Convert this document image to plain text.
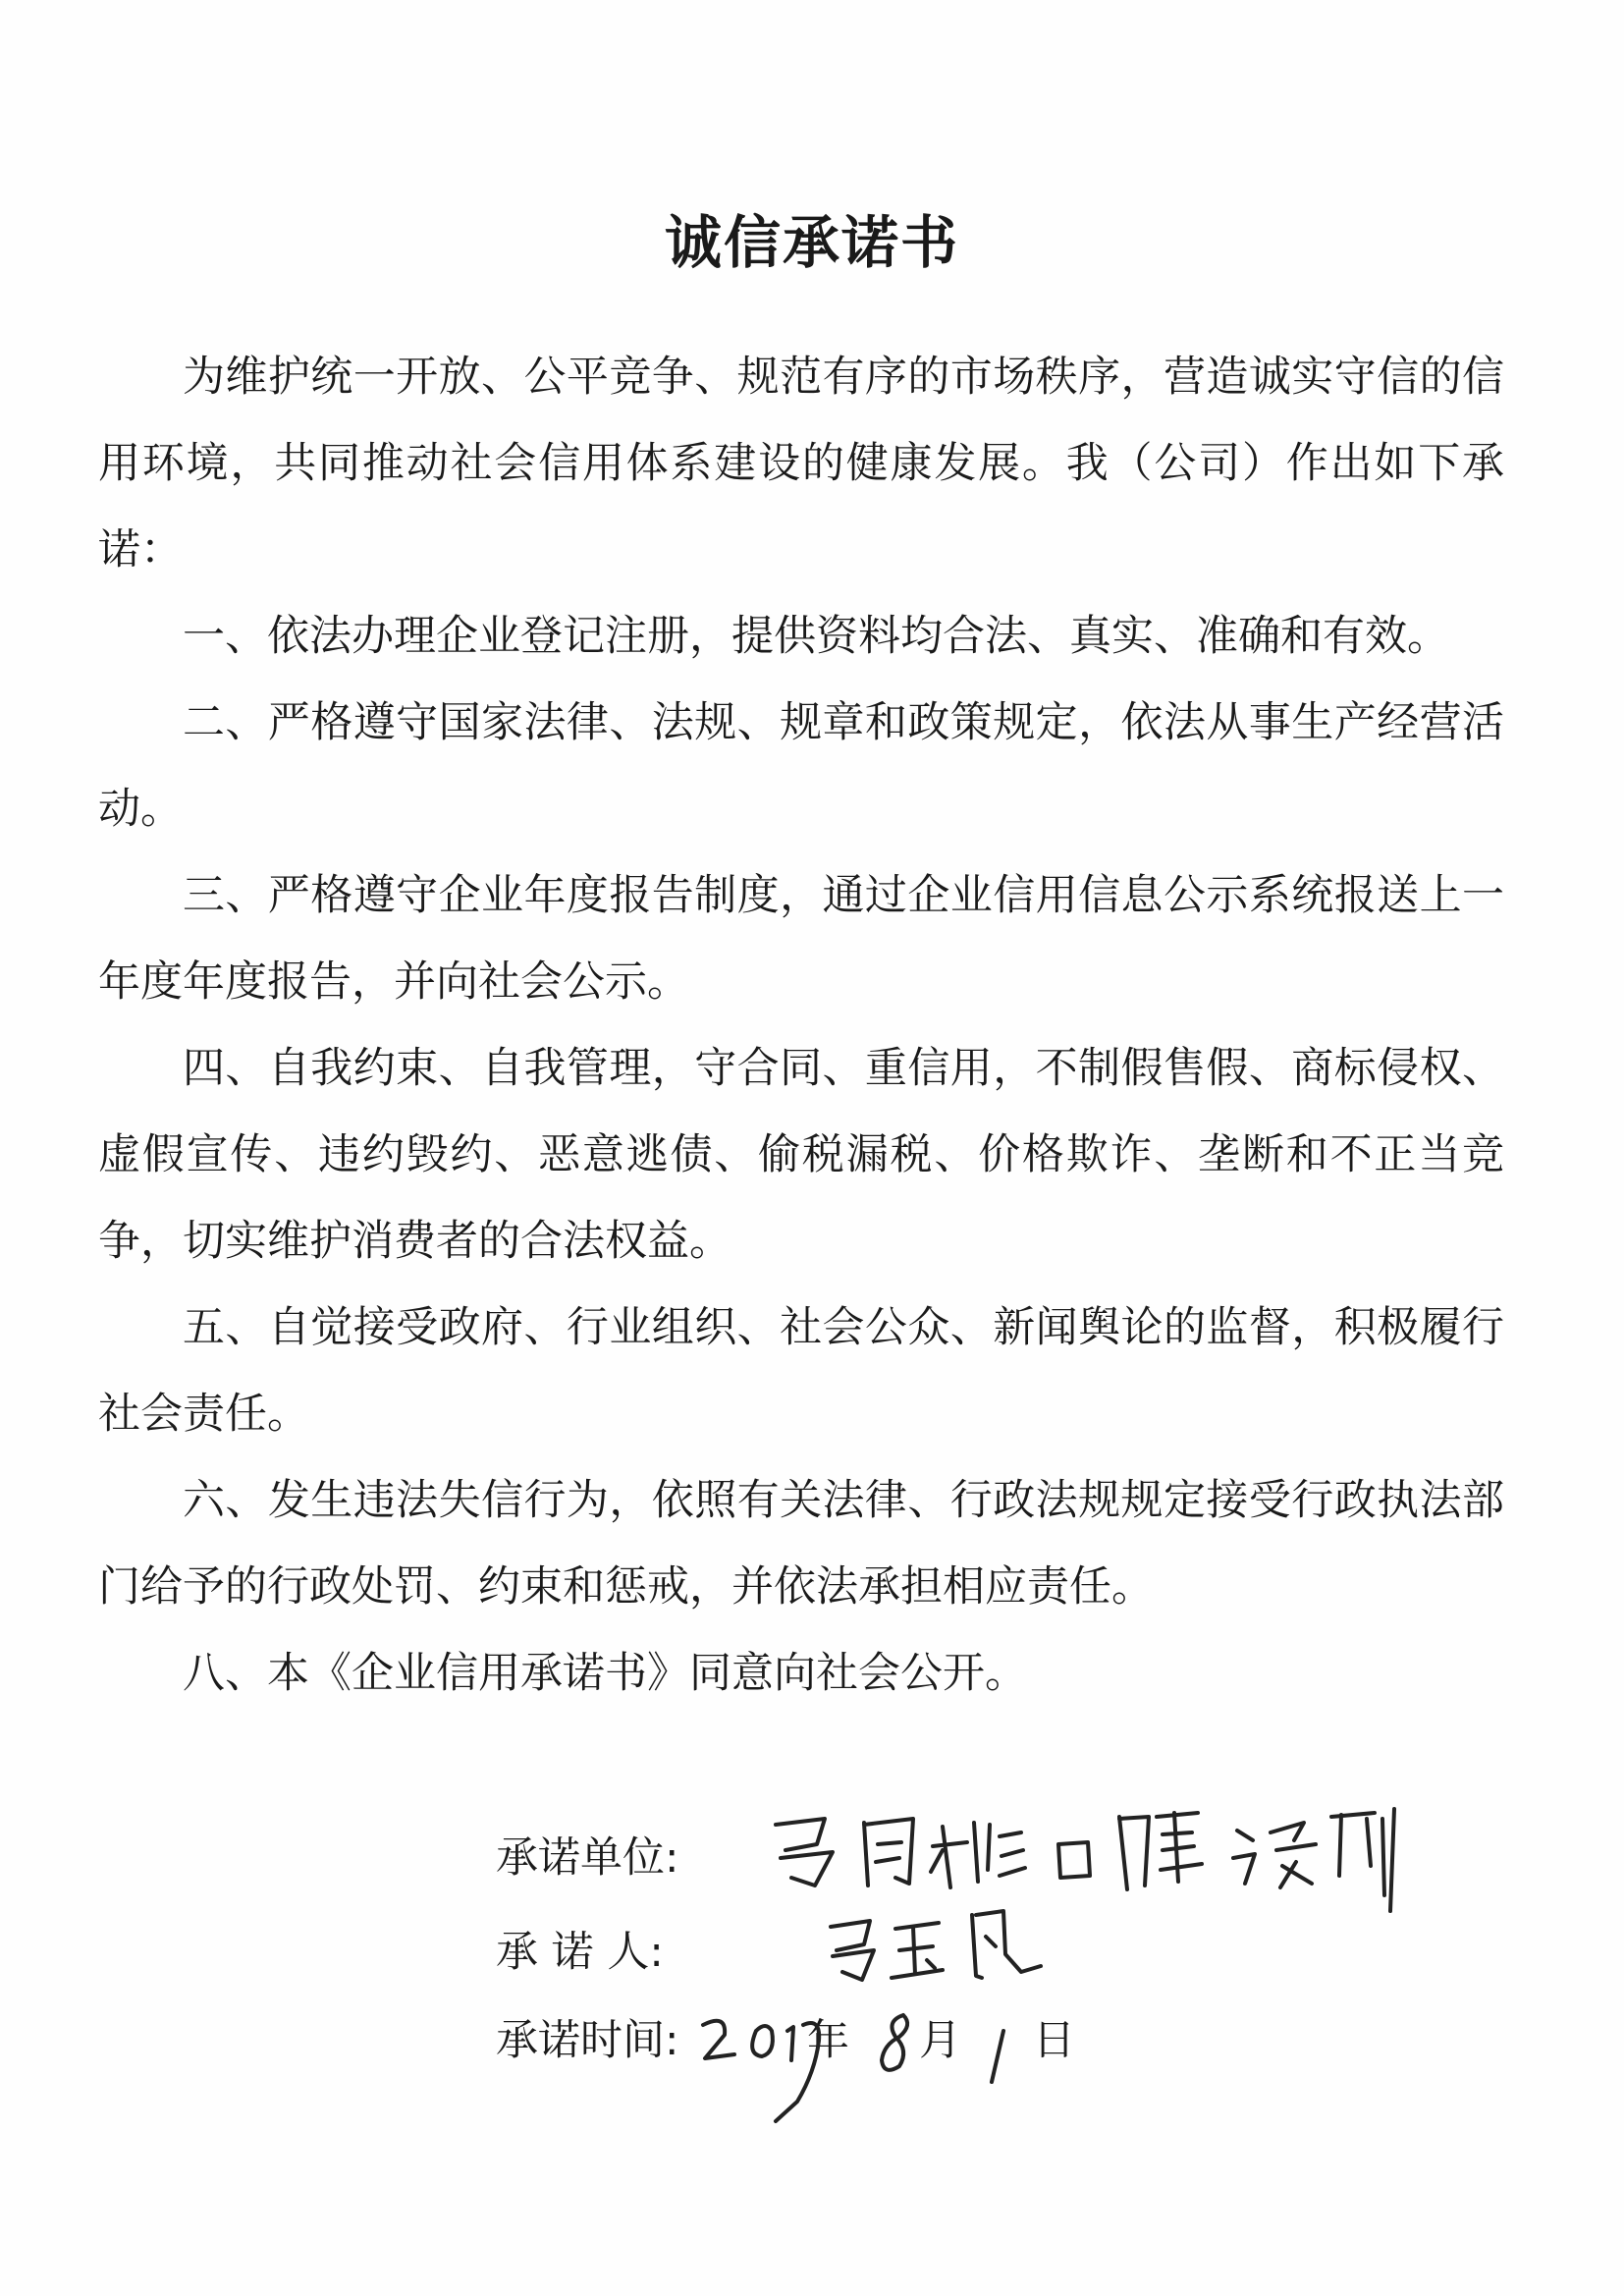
诚信承诺书

为维护统一开放、公平竞争、规范有序的市场秩序，营造诚实守信的信用环境，共同推动社会信用体系建设的健康发展。我（公司）作出如下承诺：

一、依法办理企业登记注册，提供资料均合法、真实、准确和有效。

二、严格遵守国家法律、法规、规章和政策规定，依法从事生产经营活动。

三、严格遵守企业年度报告制度，通过企业信用信息公示系统报送上一年度年度报告，并向社会公示。

四、自我约束、自我管理，守合同、重信用，不制假售假、商标侵权、虚假宣传、违约毁约、恶意逃债、偷税漏税、价格欺诈、垄断和不正当竞争，切实维护消费者的合法权益。

五、自觉接受政府、行业组织、社会公众、新闻舆论的监督，积极履行社会责任。

六、发生违法失信行为，依照有关法律、行政法规规定接受行政执法部门给予的行政处罚、约束和惩戒，并依法承担相应责任。

八、本《企业信用承诺书》同意向社会公开。

承诺单位:
承 诺 人:
承诺时间:	年 月 日
